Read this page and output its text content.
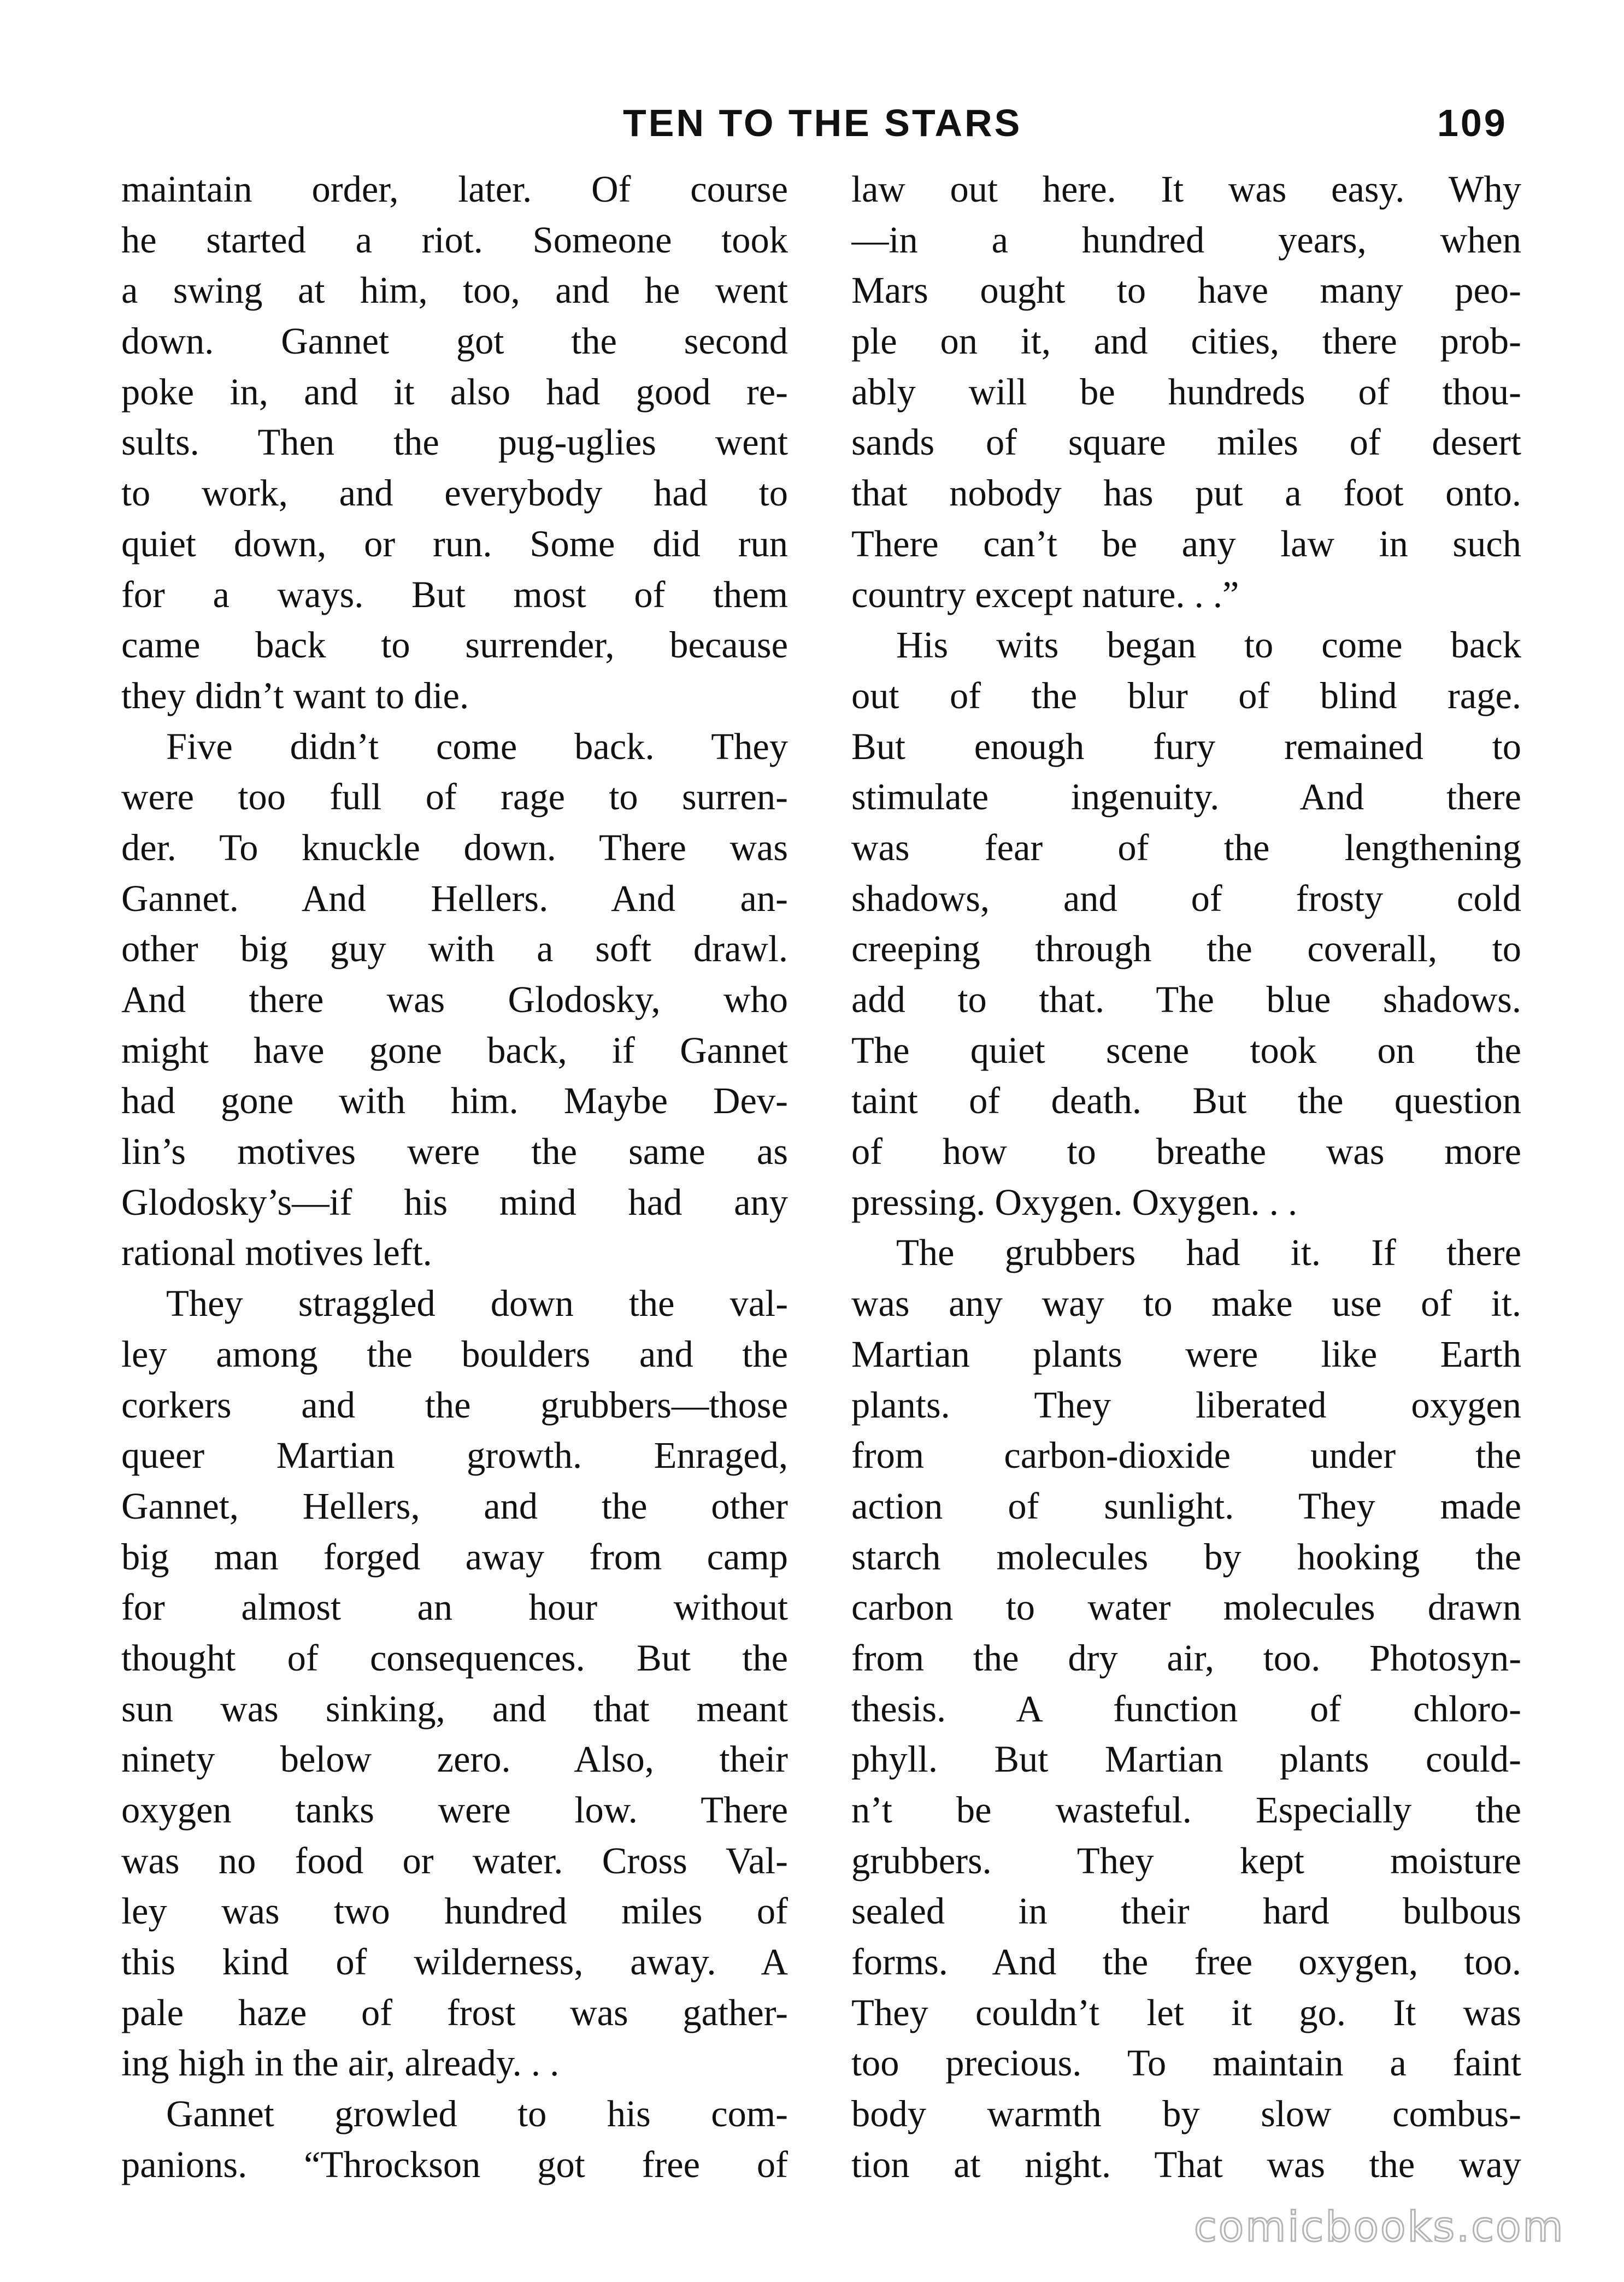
TEN TO THE STARS	109
maintain order, later. Of course
he started a riot. Someone took
a swing at him, too, and he went
down. Gannet got the second
poke in, and it also had good re-
sults. Then the pug-uglies went
to work, and everybody had to
quiet down, or run. Some did run
for a ways. But most of them
came back to surrender, because
they didn’t want to die.
Five didn’t come back. They
were too full of rage to surren-
der. To knuckle down. There was
Gannet. And Hellers. And an-
other big guy with a soft drawl.
And there was Glodosky, who
might have gone back, if Gannet
had gone with him. Maybe Dev-
lin’s motives were the same as
Glodosky’s—if his mind had any
rational motives left.
They straggled down the val-
ley among the boulders and the
corkers and the grubbers—those
queer Martian growth. Enraged,
Gannet, Hellers, and the other
big man forged away from camp
for almost an hour without
thought of consequences. But the
sun was sinking, and that meant
ninety below zero. Also, their
oxygen tanks were low. There
was no food or water. Cross Val-
ley was two hundred miles of
this kind of wilderness, away. A
pale haze of frost was gather-
ing high in the air, already. . .
Gannet growled to his com-
panions. “Throckson got free of
law out here. It was easy. Why
—in a hundred years, when
Mars ought to have many peo-
ple on it, and cities, there prob-
ably will be hundreds of thou-
sands of square miles of desert
that nobody has put a foot onto.
There can’t be any law in such
country except nature. . .”
His wits began to come back
out of the blur of blind rage.
But enough fury remained to
stimulate ingenuity. And there
was fear of the lengthening
shadows, and of frosty cold
creeping through the coverall, to
add to that. The blue shadows.
The quiet scene took on the
taint of death. But the question
of how to breathe was more
pressing. Oxygen. Oxygen. . .
The grubbers had it. If there
was any way to make use of it.
Martian plants were like Earth
plants. They liberated oxygen
from carbon-dioxide under the
action of sunlight. They made
starch molecules by hooking the
carbon to water molecules drawn
from the dry air, too. Photosyn-
thesis. A function of chloro-
phyll. But Martian plants could-
n’t be wasteful. Especially the
grubbers. They kept moisture
sealed in their hard bulbous
forms. And the free oxygen, too.
They couldn’t let it go. It was
too precious. To maintain a faint
body warmth by slow combus-
tion at night. That was the way
comicbooks.com
